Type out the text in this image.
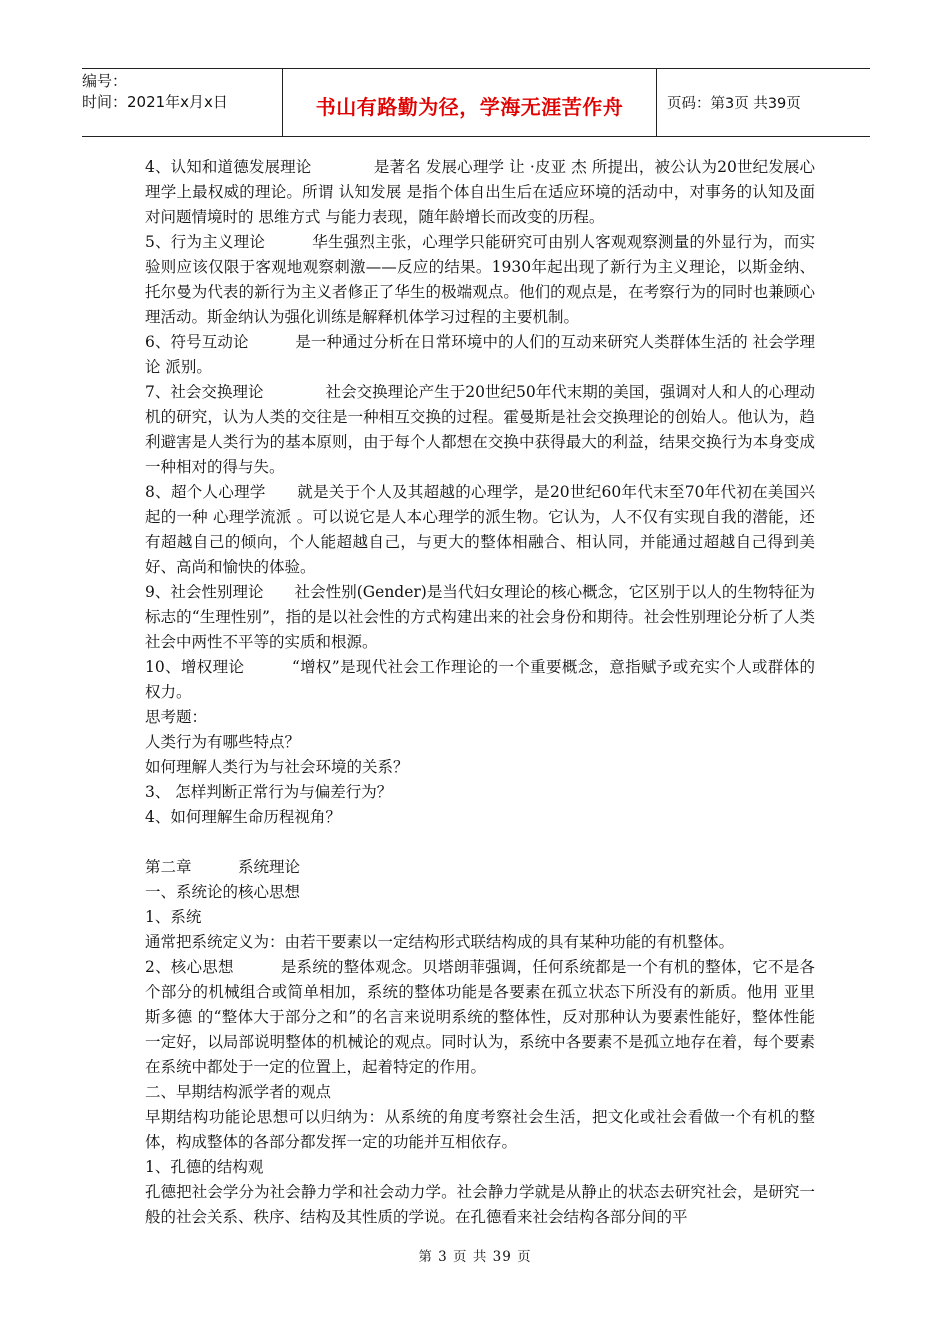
编号：
时间：2021年x月x日	书山有路勤为径，学海无涯苦作舟	页码：第3页 共39页

4、认知和道德发展理论　　　　是著名 发展心理学 让 ·皮亚 杰 所提出，被公认为20世纪发展心理学上最权威的理论。所谓 认知发展 是指个体自出生后在适应环境的活动中，对事务的认知及面对问题情境时的 思维方式 与能力表现，随年龄增长而改变的历程。

5、行为主义理论　　　华生强烈主张，心理学只能研究可由别人客观观察测量的外显行为，而实验则应该仅限于客观地观察刺激——反应的结果。1930年起出现了新行为主义理论，以斯金纳、托尔曼为代表的新行为主义者修正了华生的极端观点。他们的观点是，在考察行为的同时也兼顾心理活动。斯金纳认为强化训练是解释机体学习过程的主要机制。

6、符号互动论　　　是一种通过分析在日常环境中的人们的互动来研究人类群体生活的 社会学理论 派别。

7、社会交换理论　　　　社会交换理论产生于20世纪50年代末期的美国，强调对人和人的心理动机的研究，认为人类的交往是一种相互交换的过程。霍曼斯是社会交换理论的创始人。他认为，趋利避害是人类行为的基本原则，由于每个人都想在交换中获得最大的利益，结果交换行为本身变成一种相对的得与失。

8、超个人心理学　　就是关于个人及其超越的心理学，是20世纪60年代末至70年代初在美国兴起的一种 心理学流派 。可以说它是人本心理学的派生物。它认为，人不仅有实现自我的潜能，还有超越自己的倾向，个人能超越自己，与更大的整体相融合、相认同，并能通过超越自己得到美好、高尚和愉快的体验。

9、社会性别理论　　社会性别(Gender)是当代妇女理论的核心概念，它区别于以人的生物特征为标志的“生理性别”，指的是以社会性的方式构建出来的社会身份和期待。社会性别理论分析了人类社会中两性不平等的实质和根源。

10、增权理论　　　“增权”是现代社会工作理论的一个重要概念，意指赋予或充实个人或群体的权力。

思考题：

人类行为有哪些特点？

如何理解人类行为与社会环境的关系？

3、 怎样判断正常行为与偏差行为？

4、如何理解生命历程视角？

第二章　　　系统理论

一、系统论的核心思想

1、系统

通常把系统定义为：由若干要素以一定结构形式联结构成的具有某种功能的有机整体。

2、核心思想　　　是系统的整体观念。贝塔朗菲强调，任何系统都是一个有机的整体，它不是各个部分的机械组合或简单相加，系统的整体功能是各要素在孤立状态下所没有的新质。他用 亚里斯多德 的“整体大于部分之和”的名言来说明系统的整体性，反对那种认为要素性能好，整体性能一定好，以局部说明整体的机械论的观点。同时认为，系统中各要素不是孤立地存在着，每个要素在系统中都处于一定的位置上，起着特定的作用。

二、早期结构派学者的观点

早期结构功能论思想可以归纳为：从系统的角度考察社会生活，把文化或社会看做一个有机的整体，构成整体的各部分都发挥一定的功能并互相依存。

1、孔德的结构观

孔德把社会学分为社会静力学和社会动力学。社会静力学就是从静止的状态去研究社会，是研究一般的社会关系、秩序、结构及其性质的学说。在孔德看来社会结构各部分间的平

第 3 页 共 39 页
